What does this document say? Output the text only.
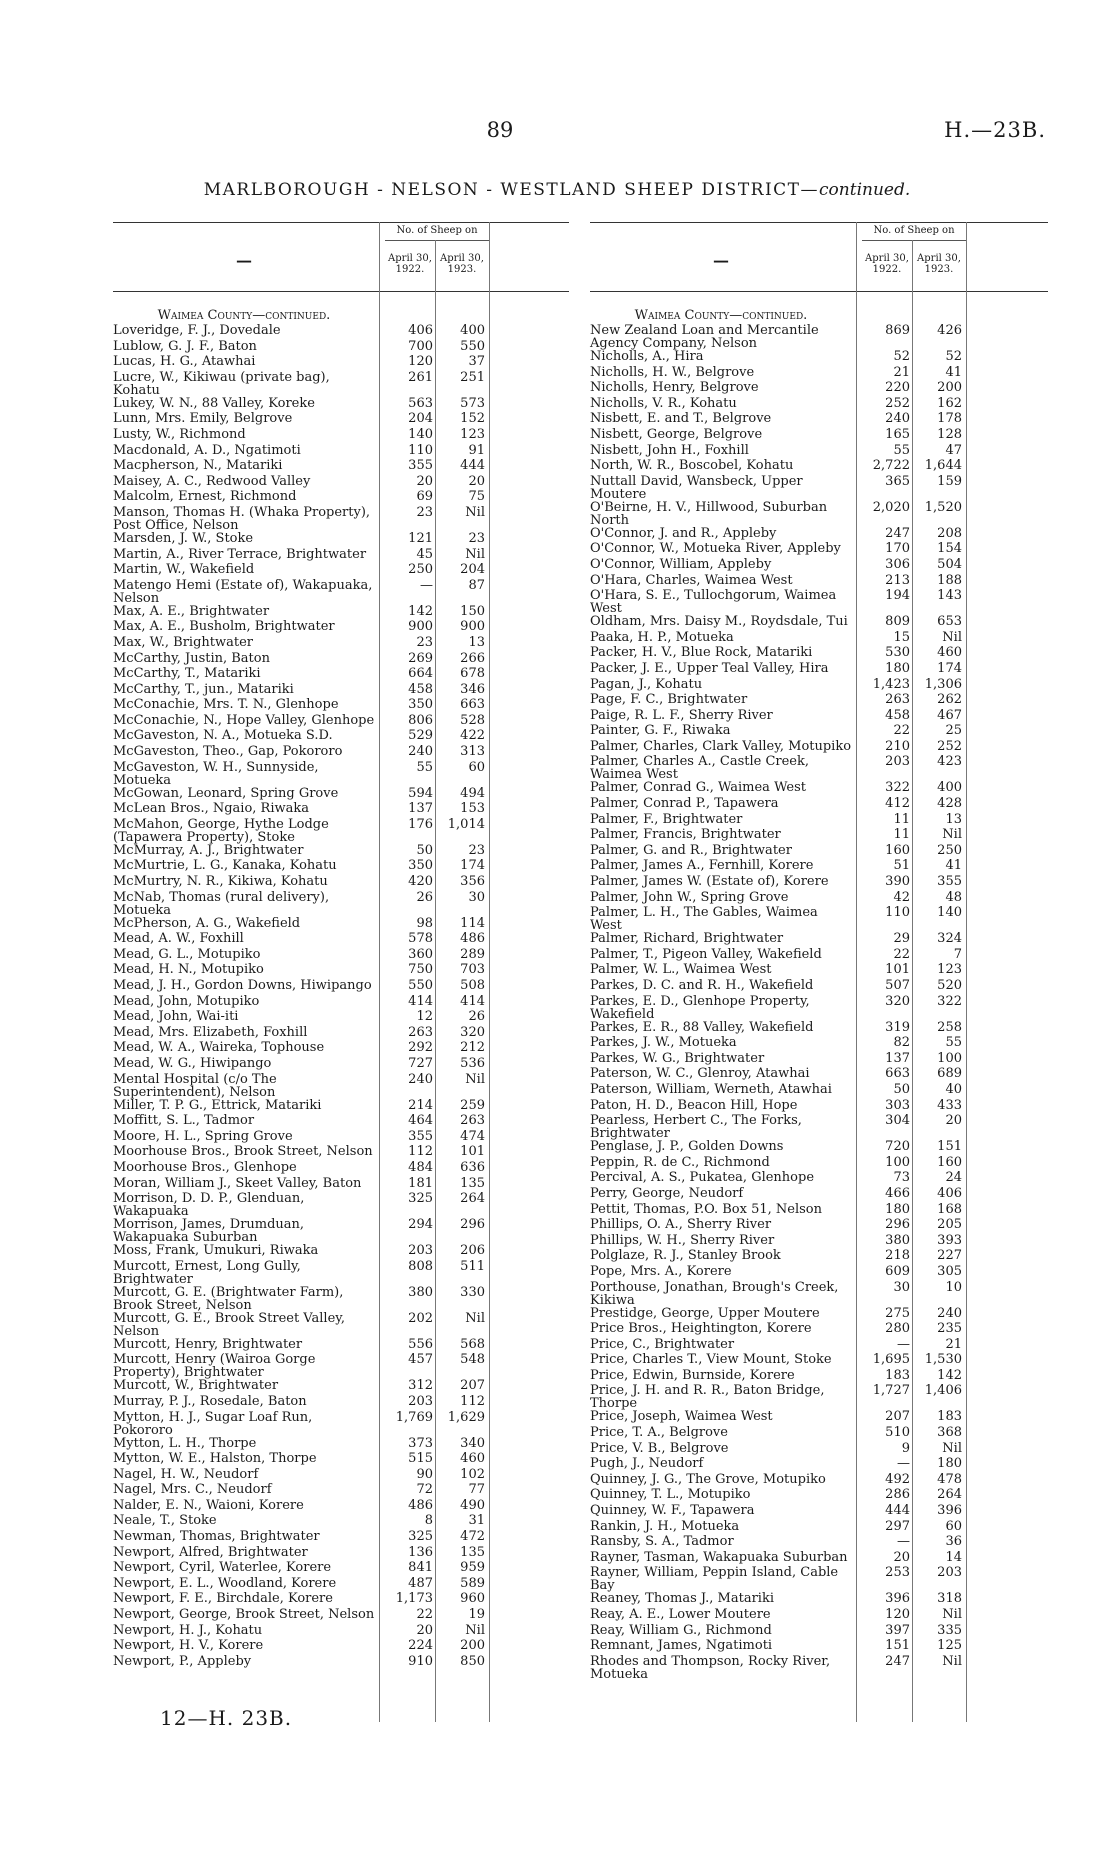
89	H.—23B.
MARLBOROUGH - NELSON - WESTLAND SHEEP DISTRICT—continued.
—
No. of Sheep on
April 30, 1922.
April 30, 1923.
Waimea County—continued.
Loveridge, F. J., Dovedale	406	400
Lublow, G. J. F., Baton	700	550
Lucas, H. G., Atawhai	120	37
Lucre, W., Kikiwau (private bag), Kohatu
261	251
Lukey, W. N., 88 Valley, Koreke	563	573
Lunn, Mrs. Emily, Belgrove	204	152
Lusty, W., Richmond	140	123
Macdonald, A. D., Ngatimoti	110	91
Macpherson, N., Matariki	355	444
Maisey, A. C., Redwood Valley	20	20
Malcolm, Ernest, Richmond	69	75
Manson, Thomas H. (Whaka Property), Post Office, Nelson
23	Nil
Marsden, J. W., Stoke	121	23
Martin, A., River Terrace, Brightwater	45	Nil
Martin, W., Wakefield	250	204
Matengo Hemi (Estate of), Wakapuaka, Nelson
—	87
Max, A. E., Brightwater	142	150
Max, A. E., Busholm, Brightwater	900	900
Max, W., Brightwater	23	13
McCarthy, Justin, Baton	269	266
McCarthy, T., Matariki	664	678
McCarthy, T., jun., Matariki	458	346
McConachie, Mrs. T. N., Glenhope	350	663
McConachie, N., Hope Valley, Glenhope	806	528
McGaveston, N. A., Motueka S.D.	529	422
McGaveston, Theo., Gap, Pokororo	240	313
McGaveston, W. H., Sunnyside, Motueka
55	60
McGowan, Leonard, Spring Grove	594	494
McLean Bros., Ngaio, Riwaka	137	153
McMahon, George, Hythe Lodge (Tapawera Property), Stoke
176	1,014
McMurray, A. J., Brightwater	50	23
McMurtrie, L. G., Kanaka, Kohatu	350	174
McMurtry, N. R., Kikiwa, Kohatu	420	356
McNab, Thomas (rural delivery), Motueka
26	30
McPherson, A. G., Wakefield	98	114
Mead, A. W., Foxhill	578	486
Mead, G. L., Motupiko	360	289
Mead, H. N., Motupiko	750	703
Mead, J. H., Gordon Downs, Hiwipango	550	508
Mead, John, Motupiko	414	414
Mead, John, Wai-iti	12	26
Mead, Mrs. Elizabeth, Foxhill	263	320
Mead, W. A., Waireka, Tophouse	292	212
Mead, W. G., Hiwipango	727	536
Mental Hospital (c/o The Superintendent), Nelson
240	Nil
Miller, T. P. G., Ettrick, Matariki	214	259
Moffitt, S. L., Tadmor	464	263
Moore, H. L., Spring Grove	355	474
Moorhouse Bros., Brook Street, Nelson	112	101
Moorhouse Bros., Glenhope	484	636
Moran, William J., Skeet Valley, Baton	181	135
Morrison, D. D. P., Glenduan, Wakapuaka
325	264
Morrison, James, Drumduan, Wakapuaka Suburban
294	296
Moss, Frank, Umukuri, Riwaka	203	206
Murcott, Ernest, Long Gully, Brightwater
808	511
Murcott, G. E. (Brightwater Farm), Brook Street, Nelson
380	330
Murcott, G. E., Brook Street Valley, Nelson
202	Nil
Murcott, Henry, Brightwater	556	568
Murcott, Henry (Wairoa Gorge Property), Brightwater
457	548
Murcott, W., Brightwater	312	207
Murray, P. J., Rosedale, Baton	203	112
Mytton, H. J., Sugar Loaf Run, Pokororo
1,769	1,629
Mytton, L. H., Thorpe	373	340
Mytton, W. E., Halston, Thorpe	515	460
Nagel, H. W., Neudorf	90	102
Nagel, Mrs. C., Neudorf	72	77
Nalder, E. N., Waioni, Korere	486	490
Neale, T., Stoke	8	31
Newman, Thomas, Brightwater	325	472
Newport, Alfred, Brightwater	136	135
Newport, Cyril, Waterlee, Korere	841	959
Newport, E. L., Woodland, Korere	487	589
Newport, F. E., Birchdale, Korere	1,173	960
Newport, George, Brook Street, Nelson	22	19
Newport, H. J., Kohatu	20	Nil
Newport, H. V., Korere	224	200
Newport, P., Appleby	910	850
—
No. of Sheep on
April 30, 1922.
April 30, 1923.
Waimea County—continued.
New Zealand Loan and Mercantile Agency Company, Nelson
869	426
Nicholls, A., Hira	52	52
Nicholls, H. W., Belgrove	21	41
Nicholls, Henry, Belgrove	220	200
Nicholls, V. R., Kohatu	252	162
Nisbett, E. and T., Belgrove	240	178
Nisbett, George, Belgrove	165	128
Nisbett, John H., Foxhill	55	47
North, W. R., Boscobel, Kohatu	2,722	1,644
Nuttall David, Wansbeck, Upper Moutere
365	159
O'Beirne, H. V., Hillwood, Suburban North
2,020	1,520
O'Connor, J. and R., Appleby	247	208
O'Connor, W., Motueka River, Appleby	170	154
O'Connor, William, Appleby	306	504
O'Hara, Charles, Waimea West	213	188
O'Hara, S. E., Tullochgorum, Waimea West
194	143
Oldham, Mrs. Daisy M., Roydsdale, Tui	809	653
Paaka, H. P., Motueka	15	Nil
Packer, H. V., Blue Rock, Matariki	530	460
Packer, J. E., Upper Teal Valley, Hira	180	174
Pagan, J., Kohatu	1,423	1,306
Page, F. C., Brightwater	263	262
Paige, R. L. F., Sherry River	458	467
Painter, G. F., Riwaka	22	25
Palmer, Charles, Clark Valley, Motupiko	210	252
Palmer, Charles A., Castle Creek, Waimea West
203	423
Palmer, Conrad G., Waimea West	322	400
Palmer, Conrad P., Tapawera	412	428
Palmer, F., Brightwater	11	13
Palmer, Francis, Brightwater	11	Nil
Palmer, G. and R., Brightwater	160	250
Palmer, James A., Fernhill, Korere	51	41
Palmer, James W. (Estate of), Korere	390	355
Palmer, John W., Spring Grove	42	48
Palmer, L. H., The Gables, Waimea West
110	140
Palmer, Richard, Brightwater	29	324
Palmer, T., Pigeon Valley, Wakefield	22	7
Palmer, W. L., Waimea West	101	123
Parkes, D. C. and R. H., Wakefield	507	520
Parkes, E. D., Glenhope Property, Wakefield
320	322
Parkes, E. R., 88 Valley, Wakefield	319	258
Parkes, J. W., Motueka	82	55
Parkes, W. G., Brightwater	137	100
Paterson, W. C., Glenroy, Atawhai	663	689
Paterson, William, Werneth, Atawhai	50	40
Paton, H. D., Beacon Hill, Hope	303	433
Pearless, Herbert C., The Forks, Brightwater
304	20
Penglase, J. P., Golden Downs	720	151
Peppin, R. de C., Richmond	100	160
Percival, A. S., Pukatea, Glenhope	73	24
Perry, George, Neudorf	466	406
Pettit, Thomas, P.O. Box 51, Nelson	180	168
Phillips, O. A., Sherry River	296	205
Phillips, W. H., Sherry River	380	393
Polglaze, R. J., Stanley Brook	218	227
Pope, Mrs. A., Korere	609	305
Porthouse, Jonathan, Brough's Creek, Kikiwa
30	10
Prestidge, George, Upper Moutere	275	240
Price Bros., Heightington, Korere	280	235
Price, C., Brightwater	—	21
Price, Charles T., View Mount, Stoke	1,695	1,530
Price, Edwin, Burnside, Korere	183	142
Price, J. H. and R. R., Baton Bridge, Thorpe
1,727	1,406
Price, Joseph, Waimea West	207	183
Price, T. A., Belgrove	510	368
Price, V. B., Belgrove	9	Nil
Pugh, J., Neudorf	—	180
Quinney, J. G., The Grove, Motupiko	492	478
Quinney, T. L., Motupiko	286	264
Quinney, W. F., Tapawera	444	396
Rankin, J. H., Motueka	297	60
Ransby, S. A., Tadmor	—	36
Rayner, Tasman, Wakapuaka Suburban	20	14
Rayner, William, Peppin Island, Cable Bay
253	203
Reaney, Thomas J., Matariki	396	318
Reay, A. E., Lower Moutere	120	Nil
Reay, William G., Richmond	397	335
Remnant, James, Ngatimoti	151	125
Rhodes and Thompson, Rocky River, Motueka
247	Nil
12—H. 23B.
